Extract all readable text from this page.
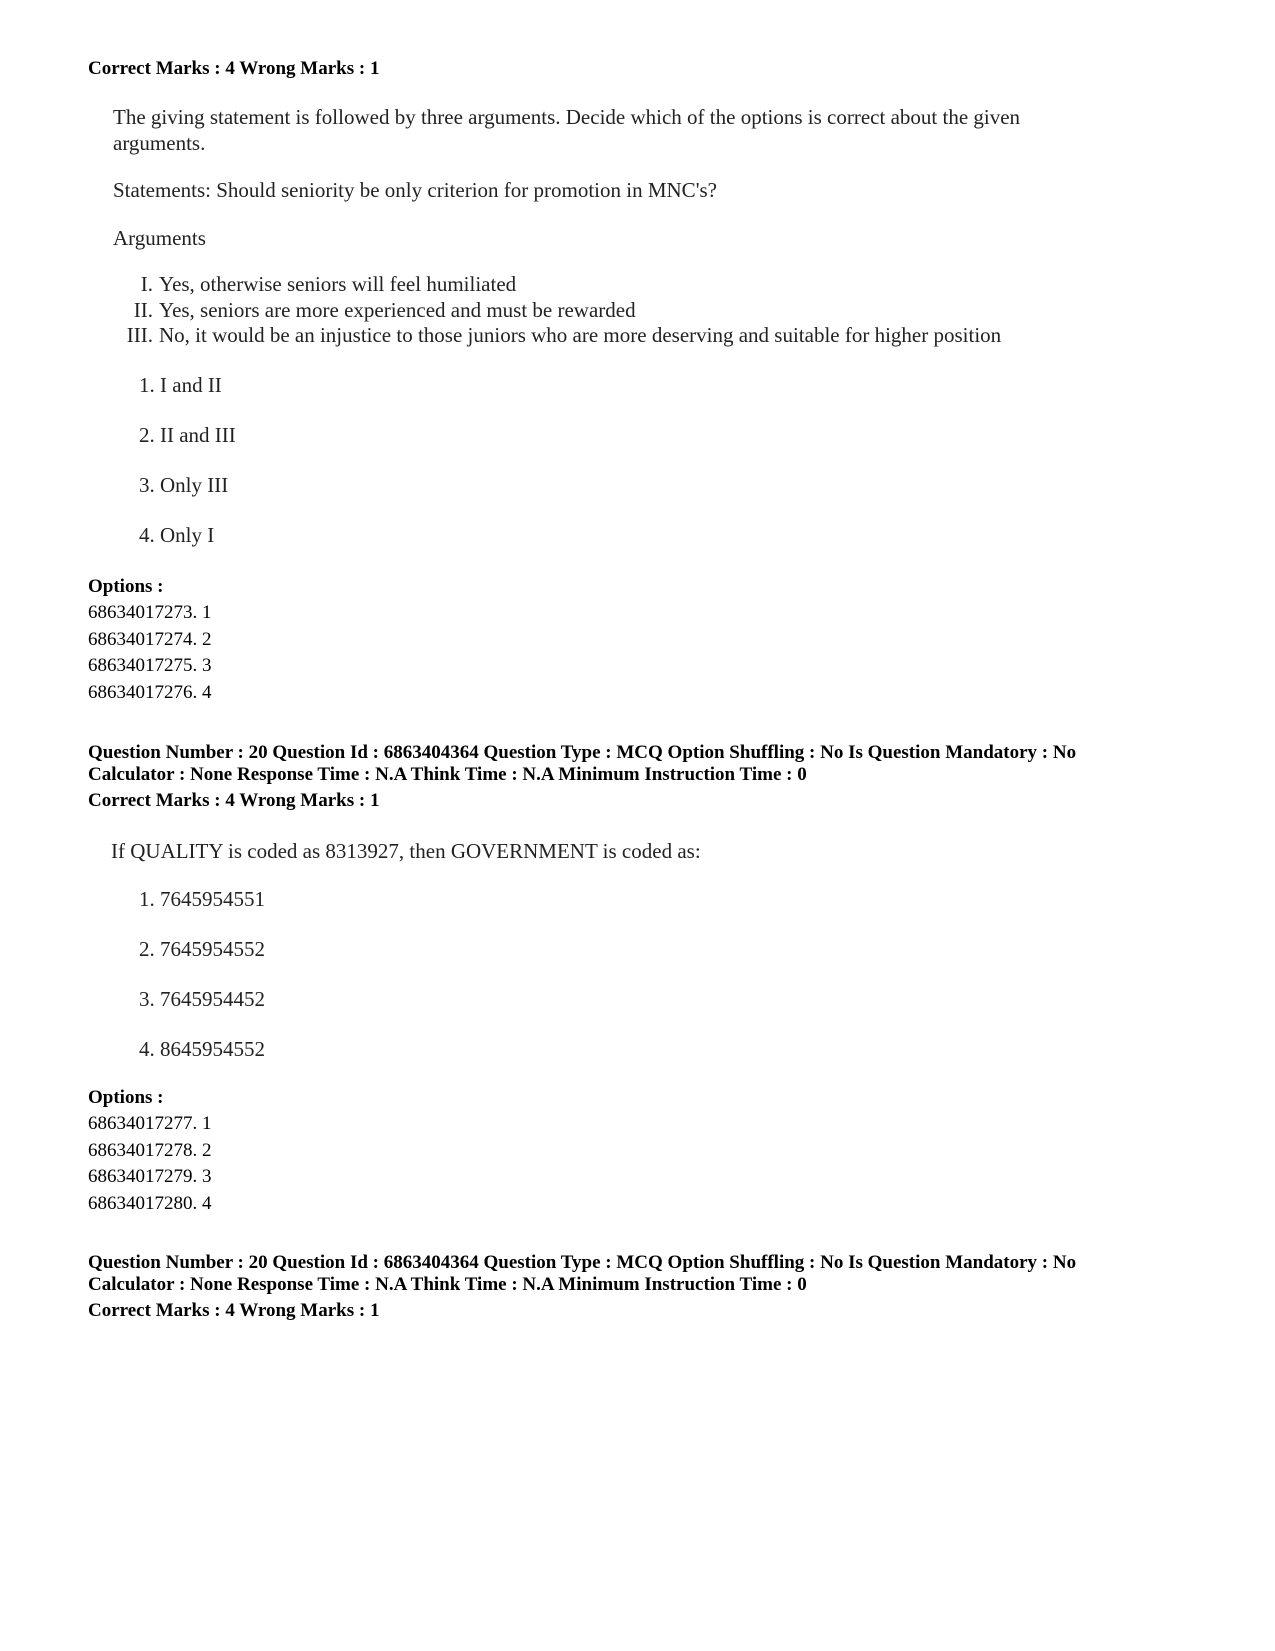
Correct Marks : 4 Wrong Marks : 1
The giving statement is followed by three arguments. Decide which of the options is correct about the given
arguments.
Statements: Should seniority be only criterion for promotion in MNC's?
Arguments
I. Yes, otherwise seniors will feel humiliated
II. Yes, seniors are more experienced and must be rewarded
III. No, it would be an injustice to those juniors who are more deserving and suitable for higher position
1. I and II
2. II and III
3. Only III
4. Only I
Options :
68634017273. 1
68634017274. 2
68634017275. 3
68634017276. 4
Question Number : 20 Question Id : 6863404364 Question Type : MCQ Option Shuffling : No Is Question Mandatory : No
Calculator : None Response Time : N.A Think Time : N.A Minimum Instruction Time : 0
Correct Marks : 4 Wrong Marks : 1
If QUALITY is coded as 8313927, then GOVERNMENT is coded as:
1. 7645954551
2. 7645954552
3. 7645954452
4. 8645954552
Options :
68634017277. 1
68634017278. 2
68634017279. 3
68634017280. 4
Question Number : 20 Question Id : 6863404364 Question Type : MCQ Option Shuffling : No Is Question Mandatory : No
Calculator : None Response Time : N.A Think Time : N.A Minimum Instruction Time : 0
Correct Marks : 4 Wrong Marks : 1
